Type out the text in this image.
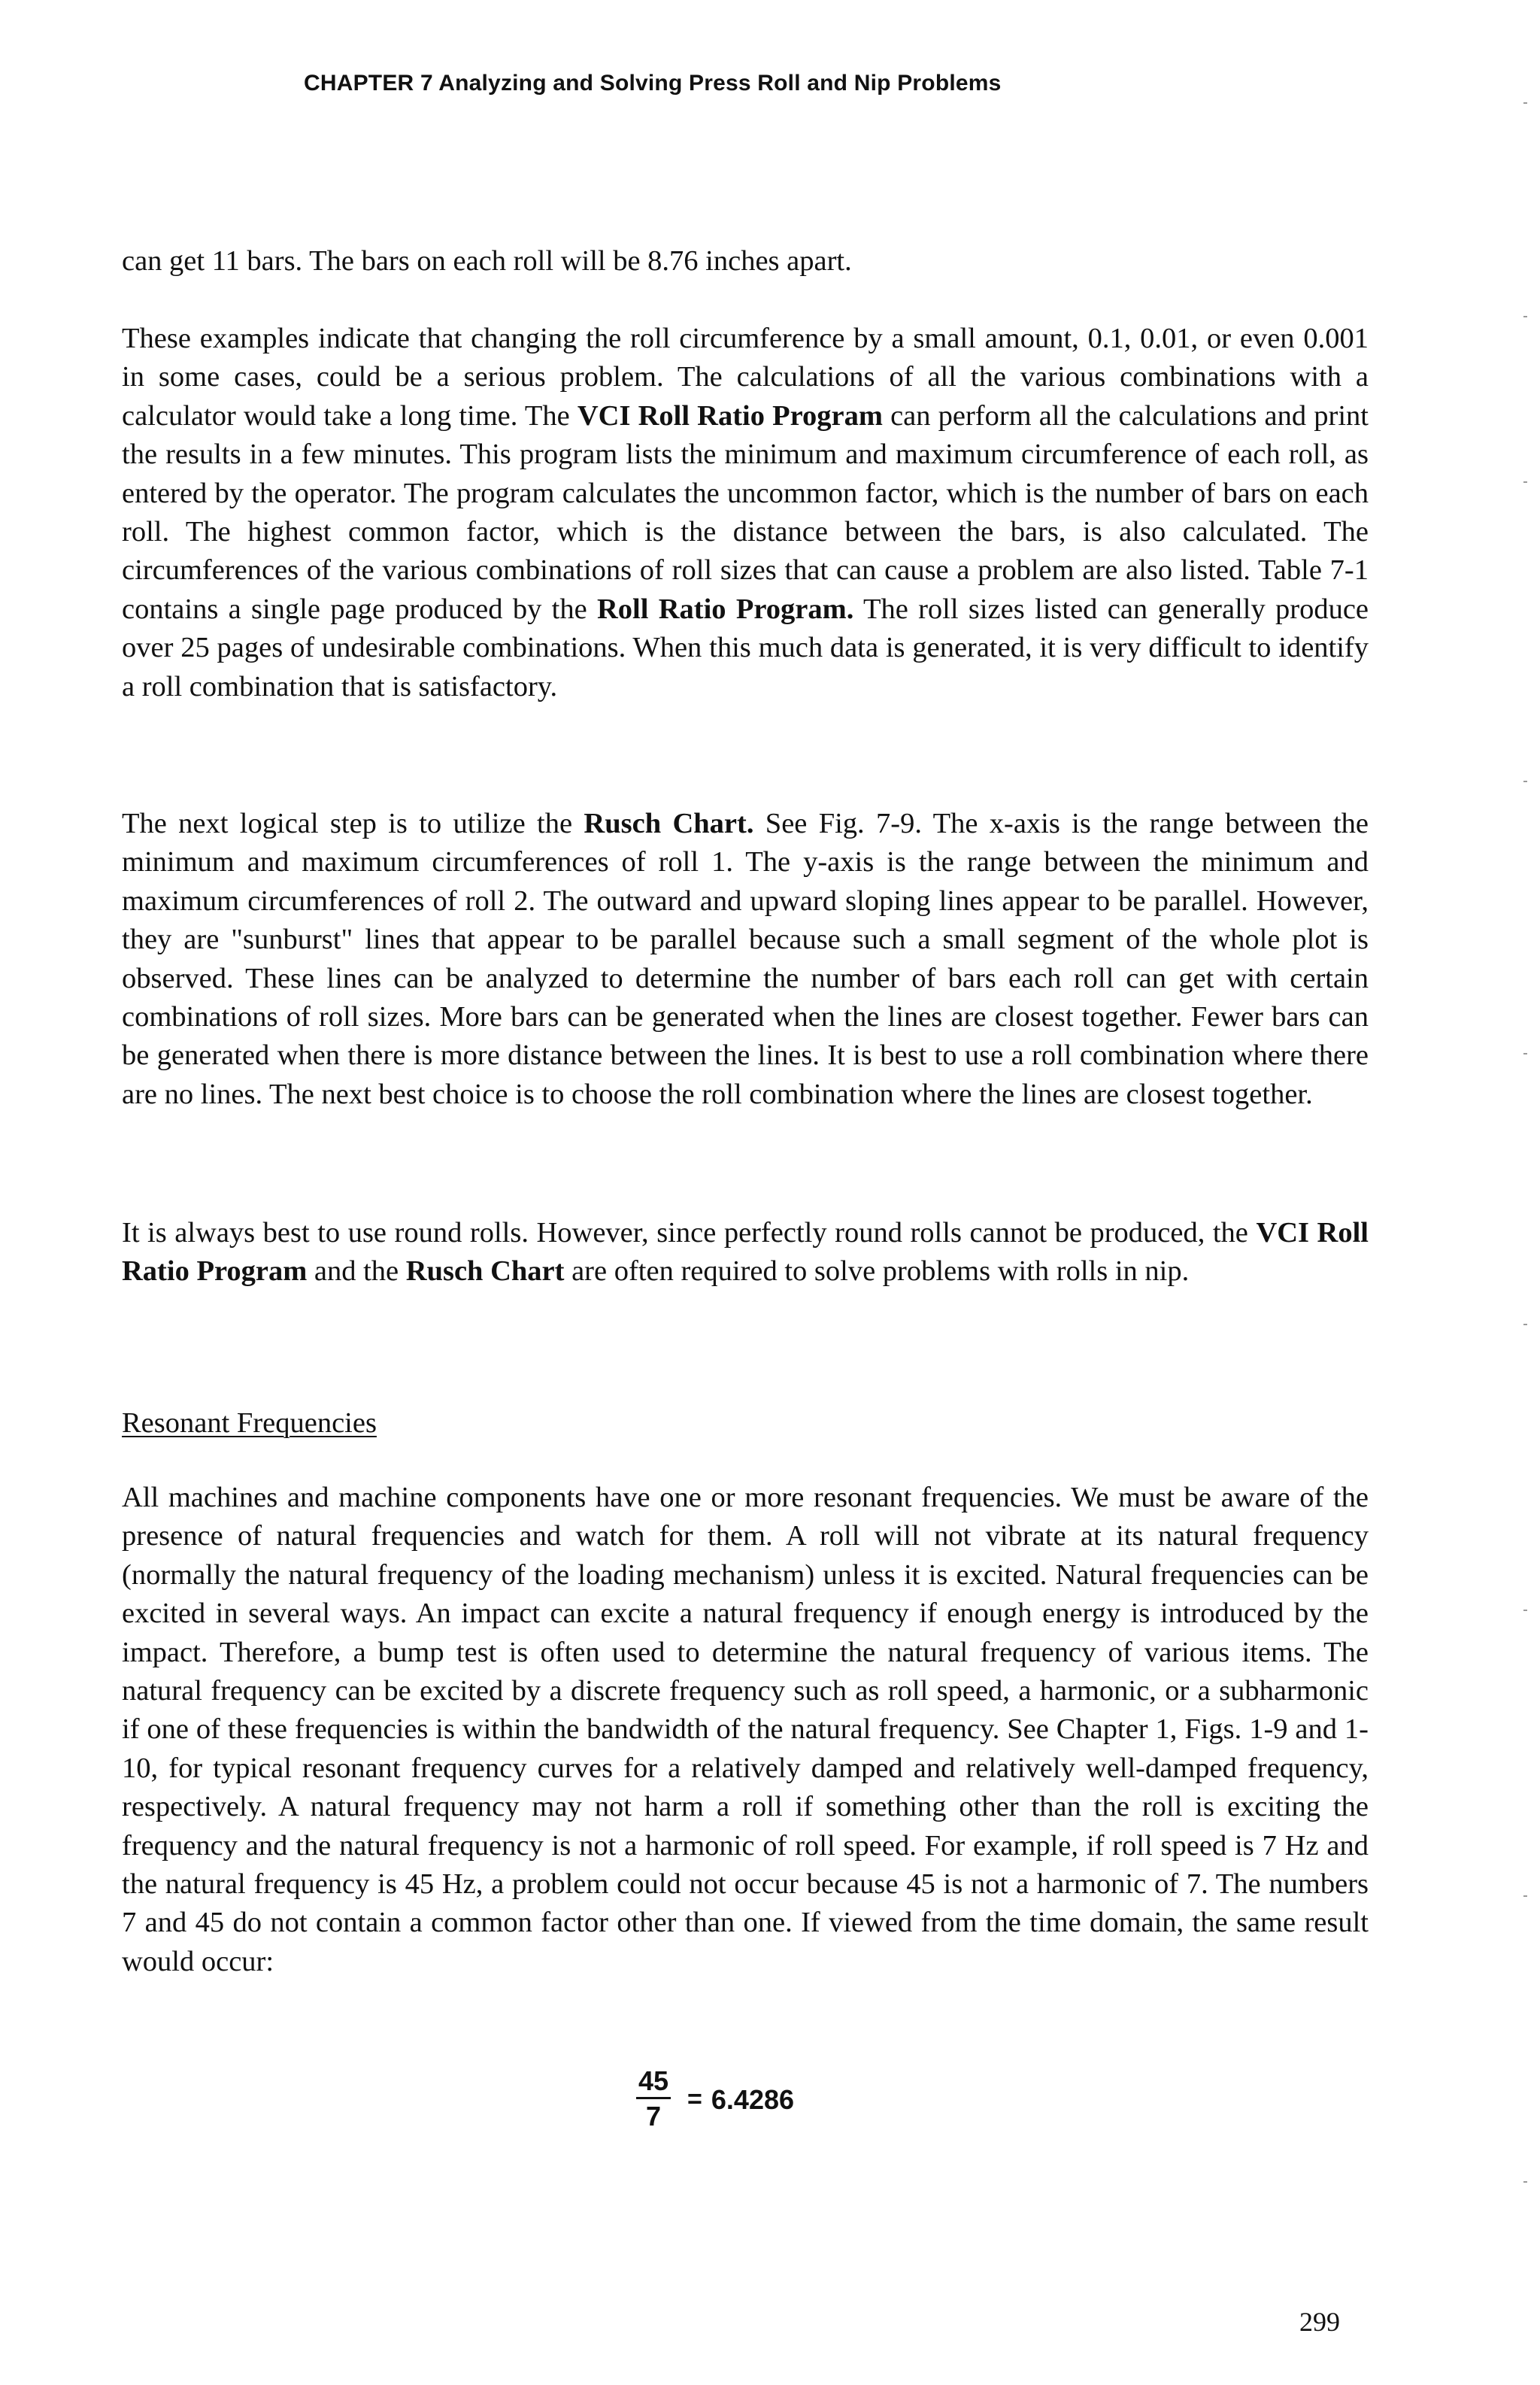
CHAPTER 7 Analyzing and Solving Press Roll and Nip Problems

can get 11 bars. The bars on each roll will be 8.76 inches apart.

These examples indicate that changing the roll circumference by a small amount, 0.1, 0.01, or even 0.001 in some cases, could be a serious problem. The calculations of all the various combinations with a calculator would take a long time. The VCI Roll Ratio Program can perform all the calculations and print the results in a few minutes. This program lists the minimum and maximum circumference of each roll, as entered by the operator. The program calculates the uncommon factor, which is the number of bars on each roll. The highest common factor, which is the distance between the bars, is also calculated. The circumferences of the various combinations of roll sizes that can cause a problem are also listed. Table 7-1 contains a single page produced by the Roll Ratio Program. The roll sizes listed can generally produce over 25 pages of undesirable combinations. When this much data is generated, it is very difficult to identify a roll combination that is satisfactory.

The next logical step is to utilize the Rusch Chart. See Fig. 7-9. The x-axis is the range between the minimum and maximum circumferences of roll 1. The y-axis is the range between the minimum and maximum circumferences of roll 2. The outward and upward sloping lines appear to be parallel. However, they are "sunburst" lines that appear to be parallel because such a small segment of the whole plot is observed. These lines can be analyzed to determine the number of bars each roll can get with certain combinations of roll sizes. More bars can be generated when the lines are closest together. Fewer bars can be generated when there is more distance between the lines. It is best to use a roll combination where there are no lines. The next best choice is to choose the roll combination where the lines are closest together.

It is always best to use round rolls. However, since perfectly round rolls cannot be produced, the VCI Roll Ratio Program and the Rusch Chart are often required to solve problems with rolls in nip.

Resonant Frequencies

All machines and machine components have one or more resonant frequencies. We must be aware of the presence of natural frequencies and watch for them. A roll will not vibrate at its natural frequency (normally the natural frequency of the loading mechanism) unless it is excited. Natural frequencies can be excited in several ways. An impact can excite a natural frequency if enough energy is introduced by the impact. Therefore, a bump test is often used to determine the natural frequency of various items. The natural frequency can be excited by a discrete frequency such as roll speed, a harmonic, or a subharmonic if one of these frequencies is within the bandwidth of the natural frequency. See Chapter 1, Figs. 1-9 and 1-10, for typical resonant frequency curves for a relatively damped and relatively well-damped frequency, respectively. A natural frequency may not harm a roll if something other than the roll is exciting the frequency and the natural frequency is not a harmonic of roll speed. For example, if roll speed is 7 Hz and the natural frequency is 45 Hz, a problem could not occur because 45 is not a harmonic of 7. The numbers 7 and 45 do not contain a common factor other than one. If viewed from the time domain, the same result would occur:

$\frac{45}{7} = 6.4286$
299
